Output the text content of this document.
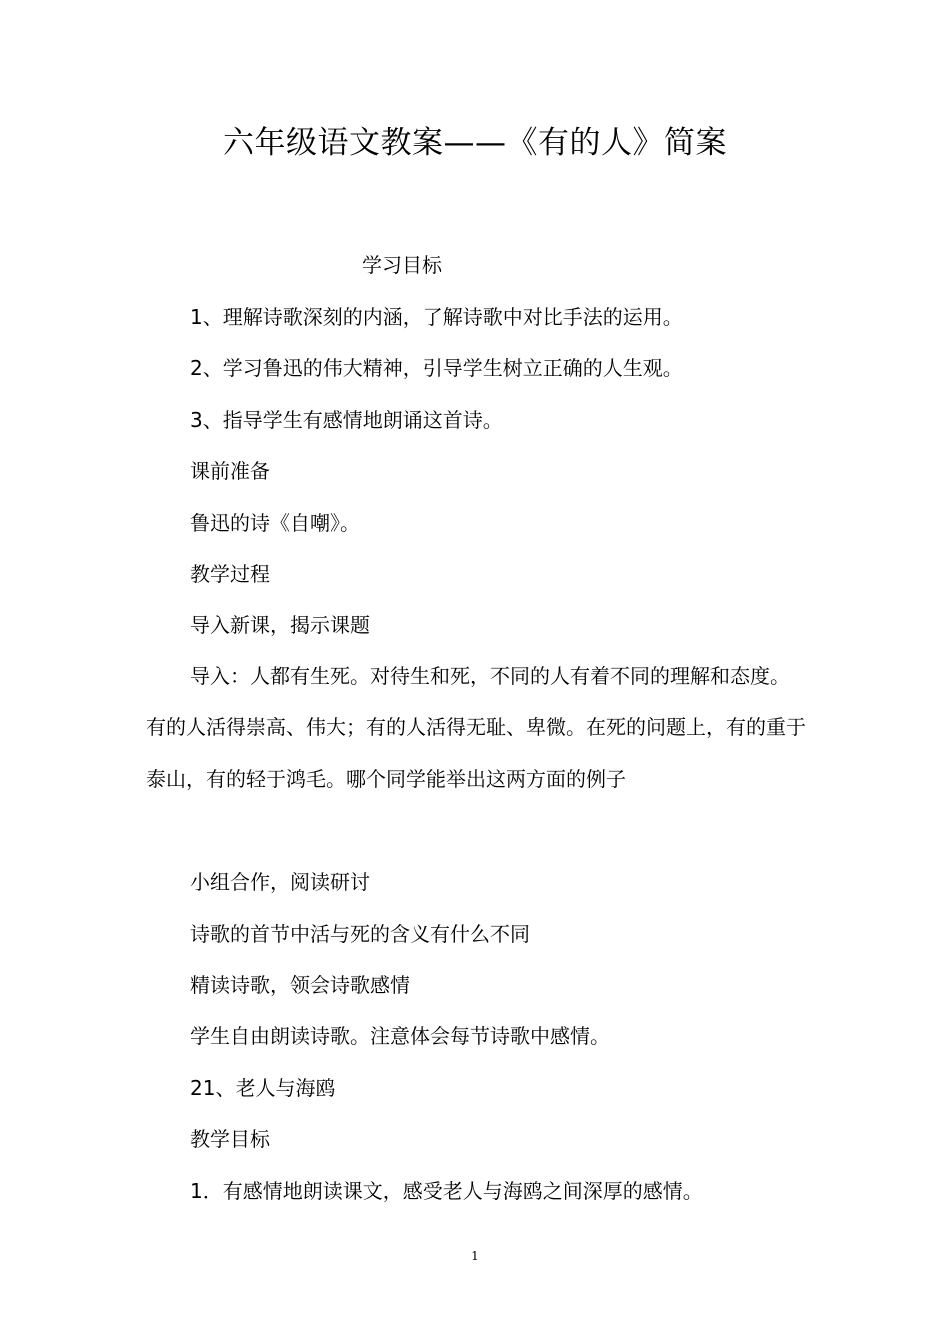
六年级语文教案——《有的人》简案
学习目标
1、理解诗歌深刻的内涵，了解诗歌中对比手法的运用。
2、学习鲁迅的伟大精神，引导学生树立正确的人生观。
3、指导学生有感情地朗诵这首诗。
课前准备
鲁迅的诗《自嘲》。
教学过程
导入新课，揭示课题
导入：人都有生死。对待生和死，不同的人有着不同的理解和态度。有的人活得崇高、伟大；有的人活得无耻、卑微。在死的问题上，有的重于泰山，有的轻于鸿毛。哪个同学能举出这两方面的例子
小组合作，阅读研讨
诗歌的首节中活与死的含义有什么不同
精读诗歌，领会诗歌感情
学生自由朗读诗歌。注意体会每节诗歌中感情。
21、老人与海鸥
教学目标
1．有感情地朗读课文，感受老人与海鸥之间深厚的感情。
1
